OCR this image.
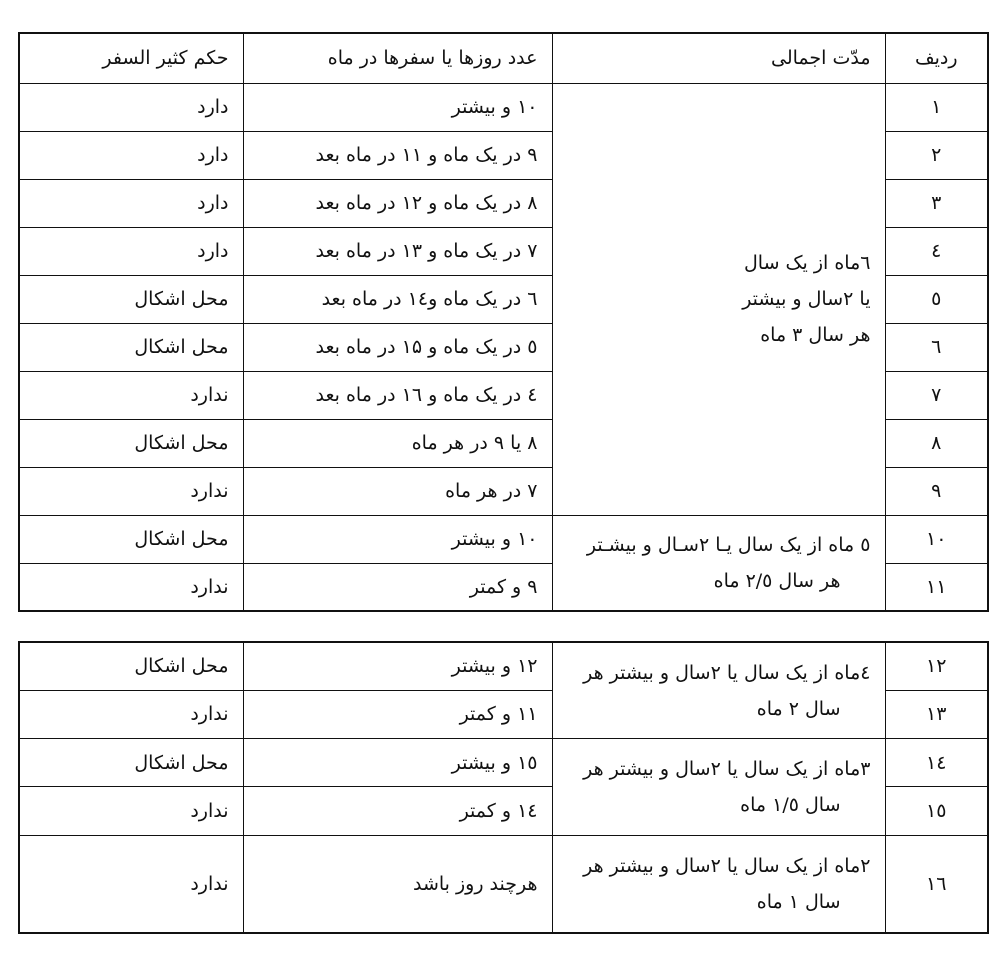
ردیف	مدّت اجمالی	عدد روزها یا سفرها در ماه	حکم کثیر السفر
۱	٦ماه از یک سال
یا ۲سال و بیشتر
هر سال ۳ ماه	۱۰ و بیشتر	دارد
۲		۹ در یک ماه و ۱۱ در ماه بعد	دارد
۳		۸ در یک ماه و ۱۲ در ماه بعد	دارد
٤		۷ در یک ماه و ۱۳ در ماه بعد	دارد
٥		٦ در یک ماه و١٤ در ماه بعد	محل اشکال
٦		٥ در یک ماه و ۱۵ در ماه بعد	محل اشکال
۷		٤ در یک ماه و ١٦ در ماه بعد	ندارد
۸		۸ یا ۹ در هر ماه	محل اشکال
۹		۷ در هر ماه	ندارد
۱۰	٥ ماه از یک سال یـا ۲سـال و بیشـتر
هر سال ۲/٥ ماه	۱۰ و بیشتر	محل اشکال
۱۱		۹ و کمتر	ندارد
۱۲	٤ماه از یک سال یا ۲سال و بیشتر هر
سال ۲ ماه	۱۲ و بیشتر	محل اشکال
۱۳		۱۱ و کمتر	ندارد
١٤	۳ماه از یک سال یا ۲سال و بیشتر هر
سال ۱/٥ ماه	۱٥ و بیشتر	محل اشکال
۱٥		١٤ و کمتر	ندارد
١٦	۲ماه از یک سال یا ۲سال و بیشتر هر
سال ۱ ماه	هرچند روز باشد	ندارد
